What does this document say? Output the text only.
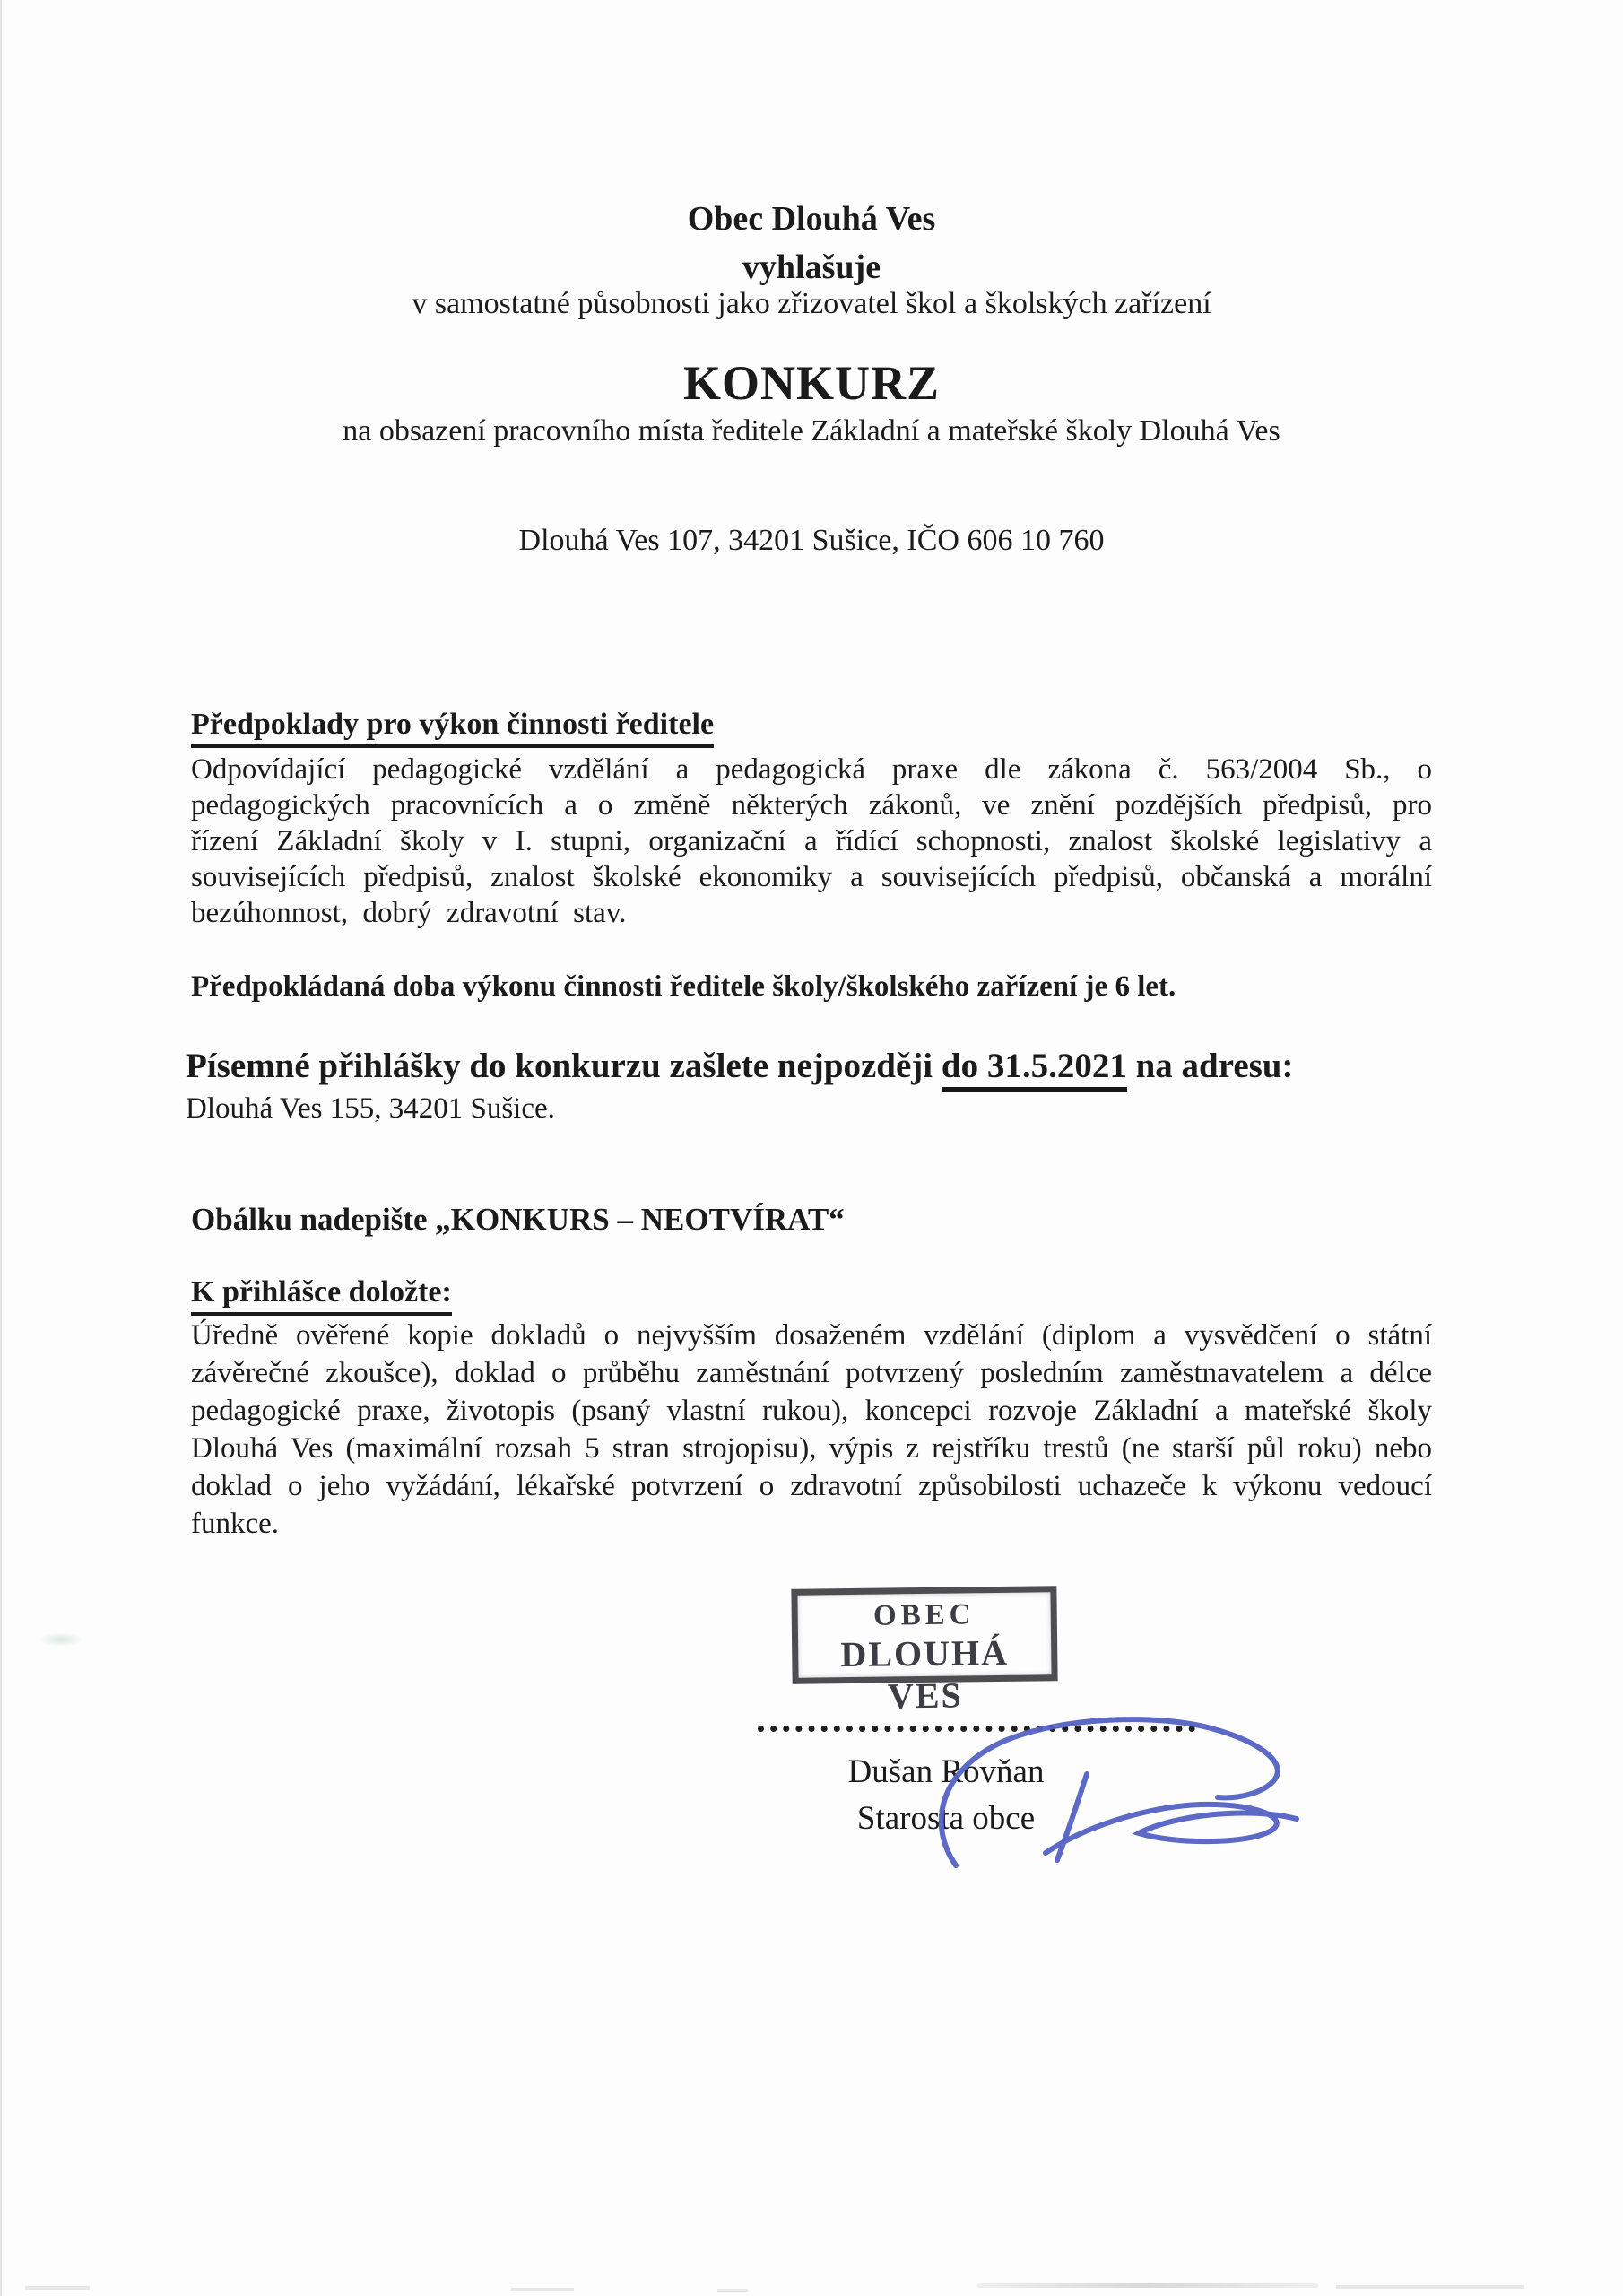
Obec Dlouhá Ves
vyhlašuje
v samostatné působnosti jako zřizovatel škol a školských zařízení
KONKURZ
na obsazení pracovního místa ředitele Základní a mateřské školy Dlouhá Ves
Dlouhá Ves 107, 34201 Sušice, IČO 606 10 760
Předpoklady pro výkon činnosti ředitele
Odpovídající pedagogické vzdělání a pedagogická praxe dle zákona č. 563/2004 Sb., o pedagogických pracovnících a o změně některých zákonů, ve znění pozdějších předpisů, pro řízení Základní školy v I. stupni, organizační a řídící schopnosti, znalost školské legislativy a souvisejících předpisů, znalost školské ekonomiky a souvisejících předpisů, občanská a morální bezúhonnost, dobrý zdravotní stav.
Předpokládaná doba výkonu činnosti ředitele školy/školského zařízení je 6 let.
Písemné přihlášky do konkurzu zašlete nejpozději do 31.5.2021 na adresu:
Dlouhá Ves 155, 34201 Sušice.
Obálku nadepište „KONKURS – NEOTVÍRAT“
K přihlášce doložte:
Úředně ověřené kopie dokladů o nejvyšším dosaženém vzdělání (diplom a vysvědčení o státní závěrečné zkoušce), doklad o průběhu zaměstnání potvrzený posledním zaměstnavatelem a délce pedagogické praxe, životopis (psaný vlastní rukou), koncepci rozvoje Základní a mateřské školy Dlouhá Ves (maximální rozsah 5 stran strojopisu), výpis z rejstříku trestů (ne starší půl roku) nebo doklad o jeho vyžádání, lékařské potvrzení o zdravotní způsobilosti uchazeče k výkonu vedoucí funkce.
OBEC
DLOUHÁ VES
Dušan Rovňan
Starosta obce
